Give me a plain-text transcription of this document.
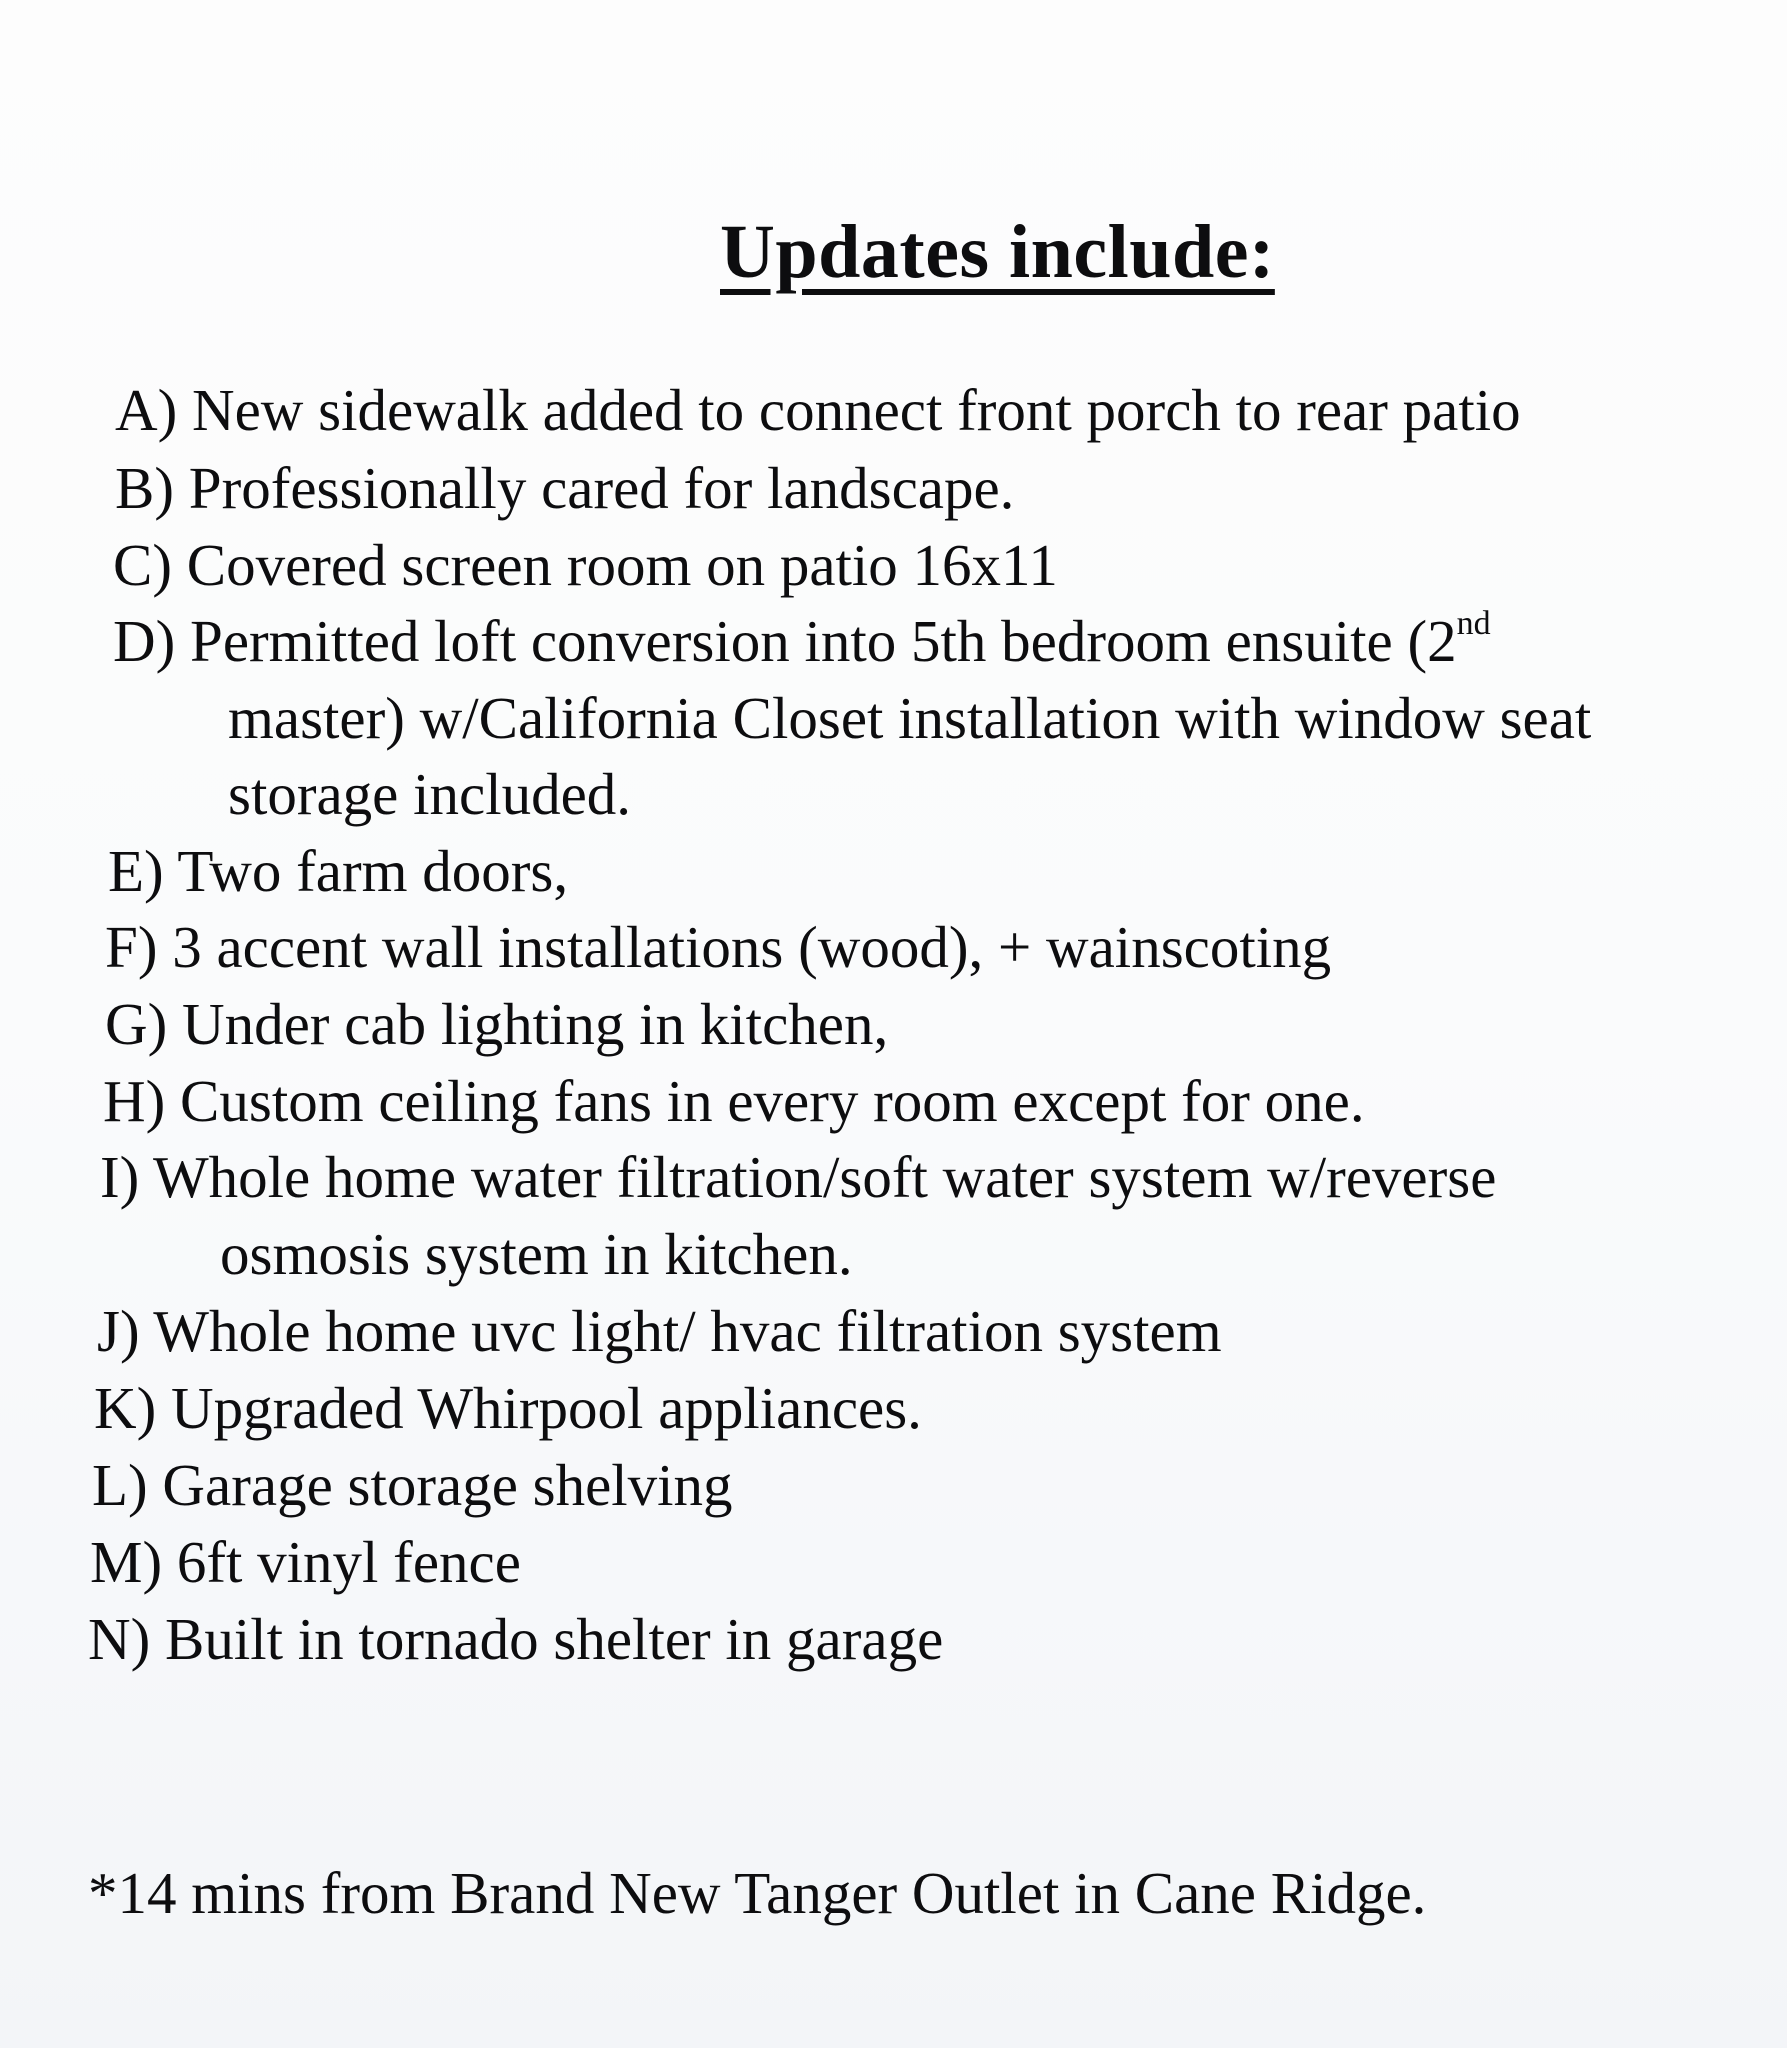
Updates include:
A) New sidewalk added to connect front porch to rear patio
B) Professionally cared for landscape.
C) Covered screen room on patio 16x11
D) Permitted loft conversion into 5th bedroom ensuite (2nd
master) w/California Closet installation with window seat
storage included.
E) Two farm doors,
F) 3 accent wall installations (wood), + wainscoting
G) Under cab lighting in kitchen,
H) Custom ceiling fans in every room except for one.
I) Whole home water filtration/soft water system w/reverse
osmosis system in kitchen.
J) Whole home uvc light/ hvac filtration system
K) Upgraded Whirpool appliances.
L) Garage storage shelving
M) 6ft vinyl fence
N) Built in tornado shelter in garage
*14 mins from Brand New Tanger Outlet in Cane Ridge.
